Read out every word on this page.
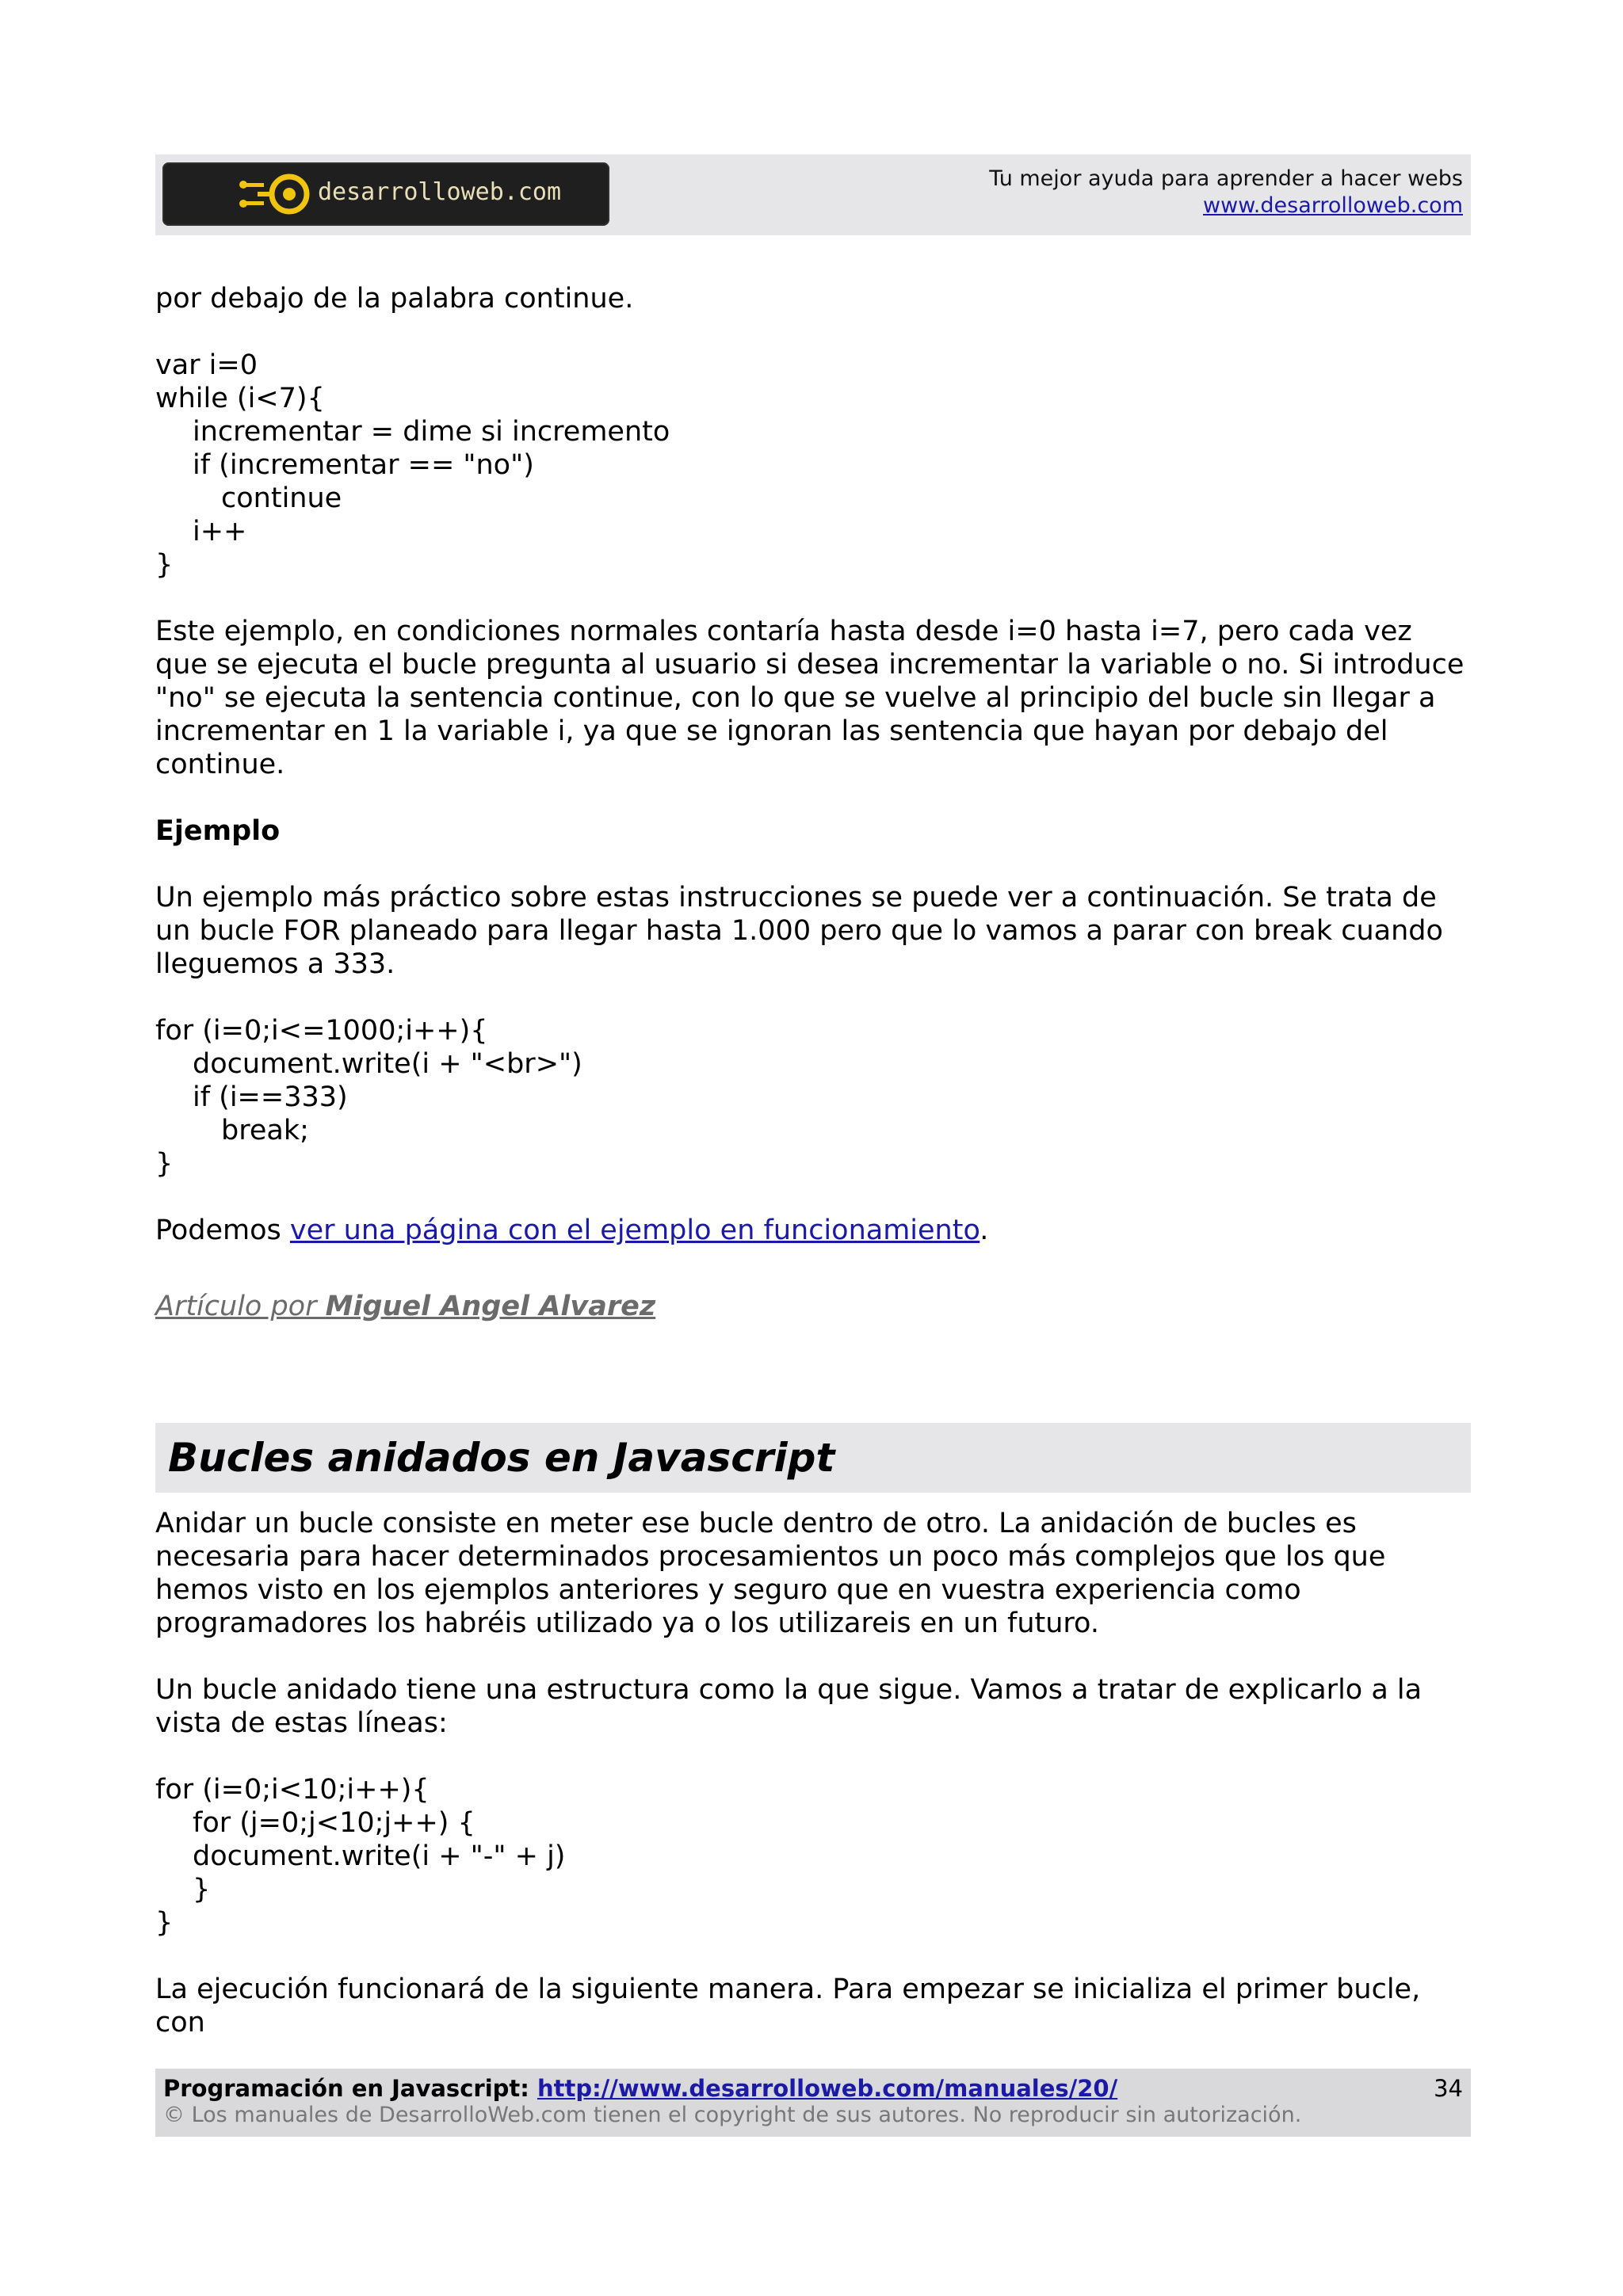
desarrolloweb.com	Tu mejor ayuda para aprender a hacer webs
www.desarrolloweb.com

por debajo de la palabra continue.

var i=0
while (i<7){
incrementar = dime si incremento
if (incrementar == "no")
continue
i++
}

Este ejemplo, en condiciones normales contaría hasta desde i=0 hasta i=7, pero cada vez que se ejecuta el bucle pregunta al usuario si desea incrementar la variable o no. Si introduce "no" se ejecuta la sentencia continue, con lo que se vuelve al principio del bucle sin llegar a incrementar en 1 la variable i, ya que se ignoran las sentencia que hayan por debajo del continue.

Ejemplo

Un ejemplo más práctico sobre estas instrucciones se puede ver a continuación. Se trata de un bucle FOR planeado para llegar hasta 1.000 pero que lo vamos a parar con break cuando lleguemos a 333.

for (i=0;i<=1000;i++){
document.write(i + "<br>")
if (i==333)
break;
}

Podemos ver una página con el ejemplo en funcionamiento.

Artículo por Miguel Angel Alvarez
Bucles anidados en Javascript

Anidar un bucle consiste en meter ese bucle dentro de otro. La anidación de bucles es necesaria para hacer determinados procesamientos un poco más complejos que los que hemos visto en los ejemplos anteriores y seguro que en vuestra experiencia como programadores los habréis utilizado ya o los utilizareis en un futuro.

Un bucle anidado tiene una estructura como la que sigue. Vamos a tratar de explicarlo a la vista de estas líneas:

for (i=0;i<10;i++){
for (j=0;j<10;j++) {
document.write(i + "-" + j)
}
}

La ejecución funcionará de la siguiente manera. Para empezar se inicializa el primer bucle, con

Programación en Javascript: http://www.desarrolloweb.com/manuales/20/
© Los manuales de DesarrolloWeb.com tienen el copyright de sus autores. No reproducir sin autorización.
34
